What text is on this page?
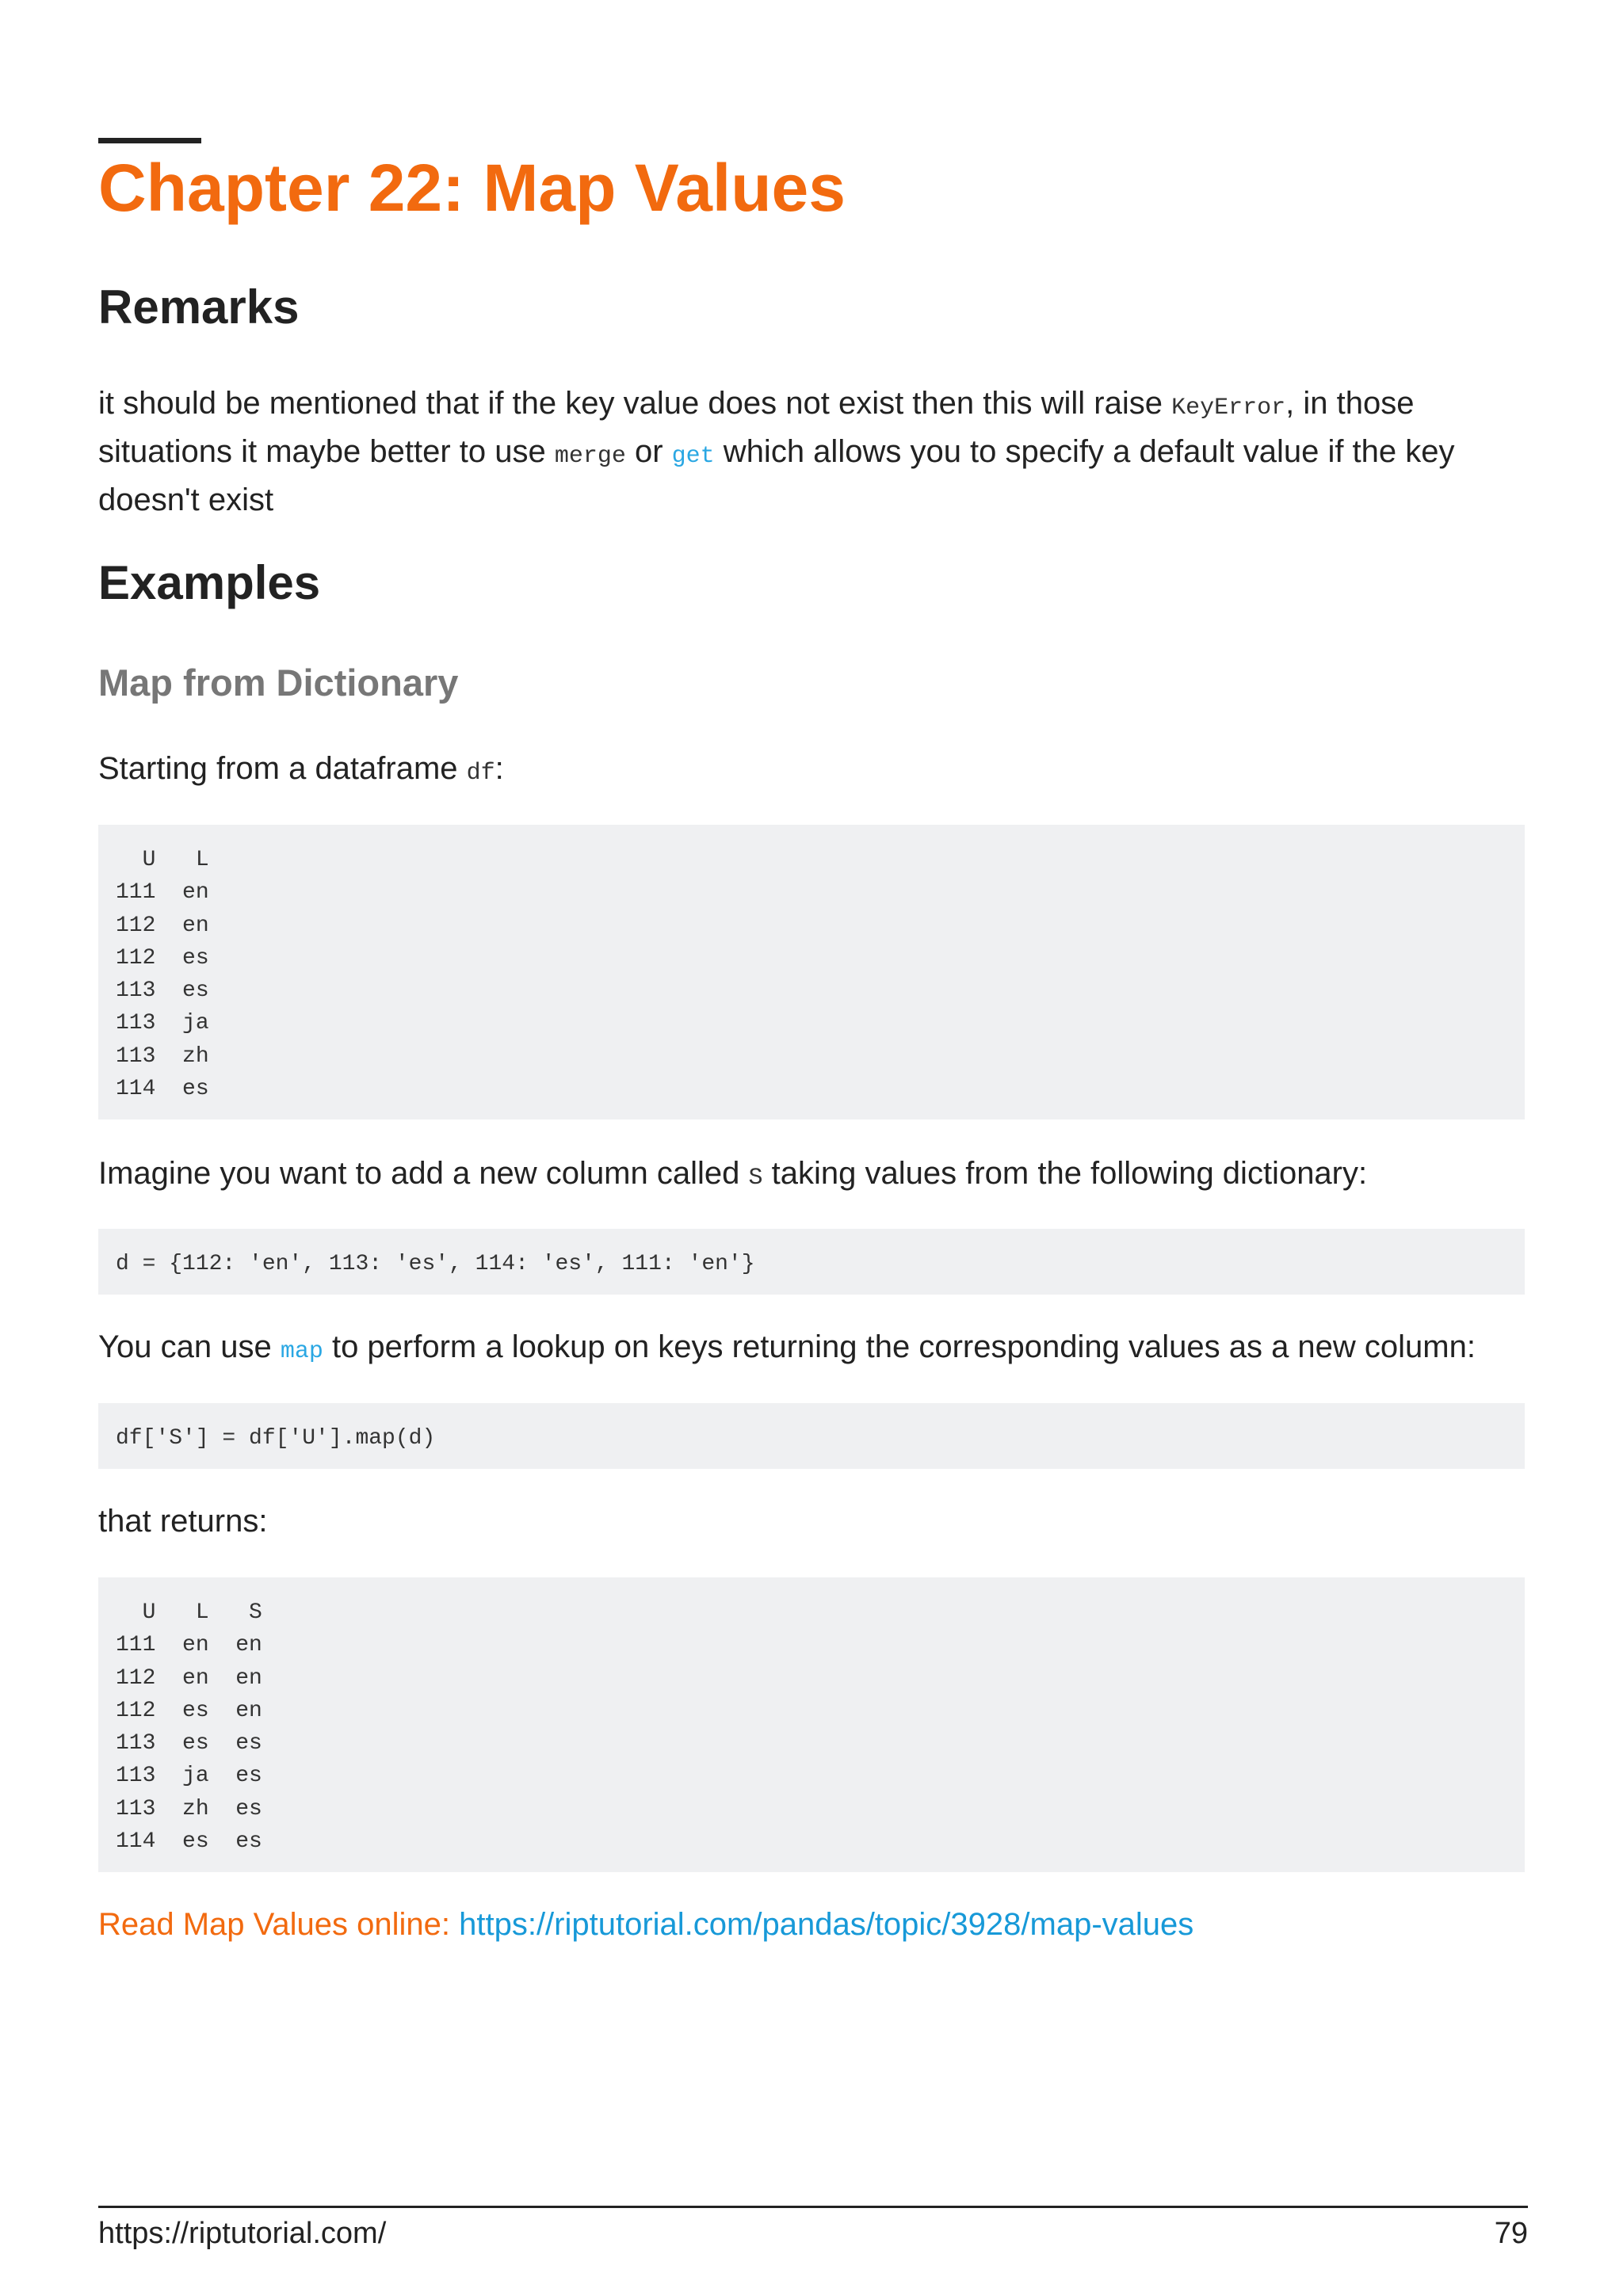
Chapter 22: Map Values
Remarks

it should be mentioned that if the key value does not exist then this will raise KeyError, in those situations it maybe better to use merge or get which allows you to specify a default value if the key doesn't exist

Examples
Map from Dictionary

Starting from a dataframe df:

U   L
111  en
112  en
112  es
113  es
113  ja
113  zh
114  es

Imagine you want to add a new column called S taking values from the following dictionary:

d = {112: 'en', 113: 'es', 114: 'es', 111: 'en'}

You can use map to perform a lookup on keys returning the corresponding values as a new column:

df['S'] = df['U'].map(d)

that returns:

U   L   S
111  en  en
112  en  en
112  es  en
113  es  es
113  ja  es
113  zh  es
114  es  es

Read Map Values online: https://riptutorial.com/pandas/topic/3928/map-values

https://riptutorial.com/	79
